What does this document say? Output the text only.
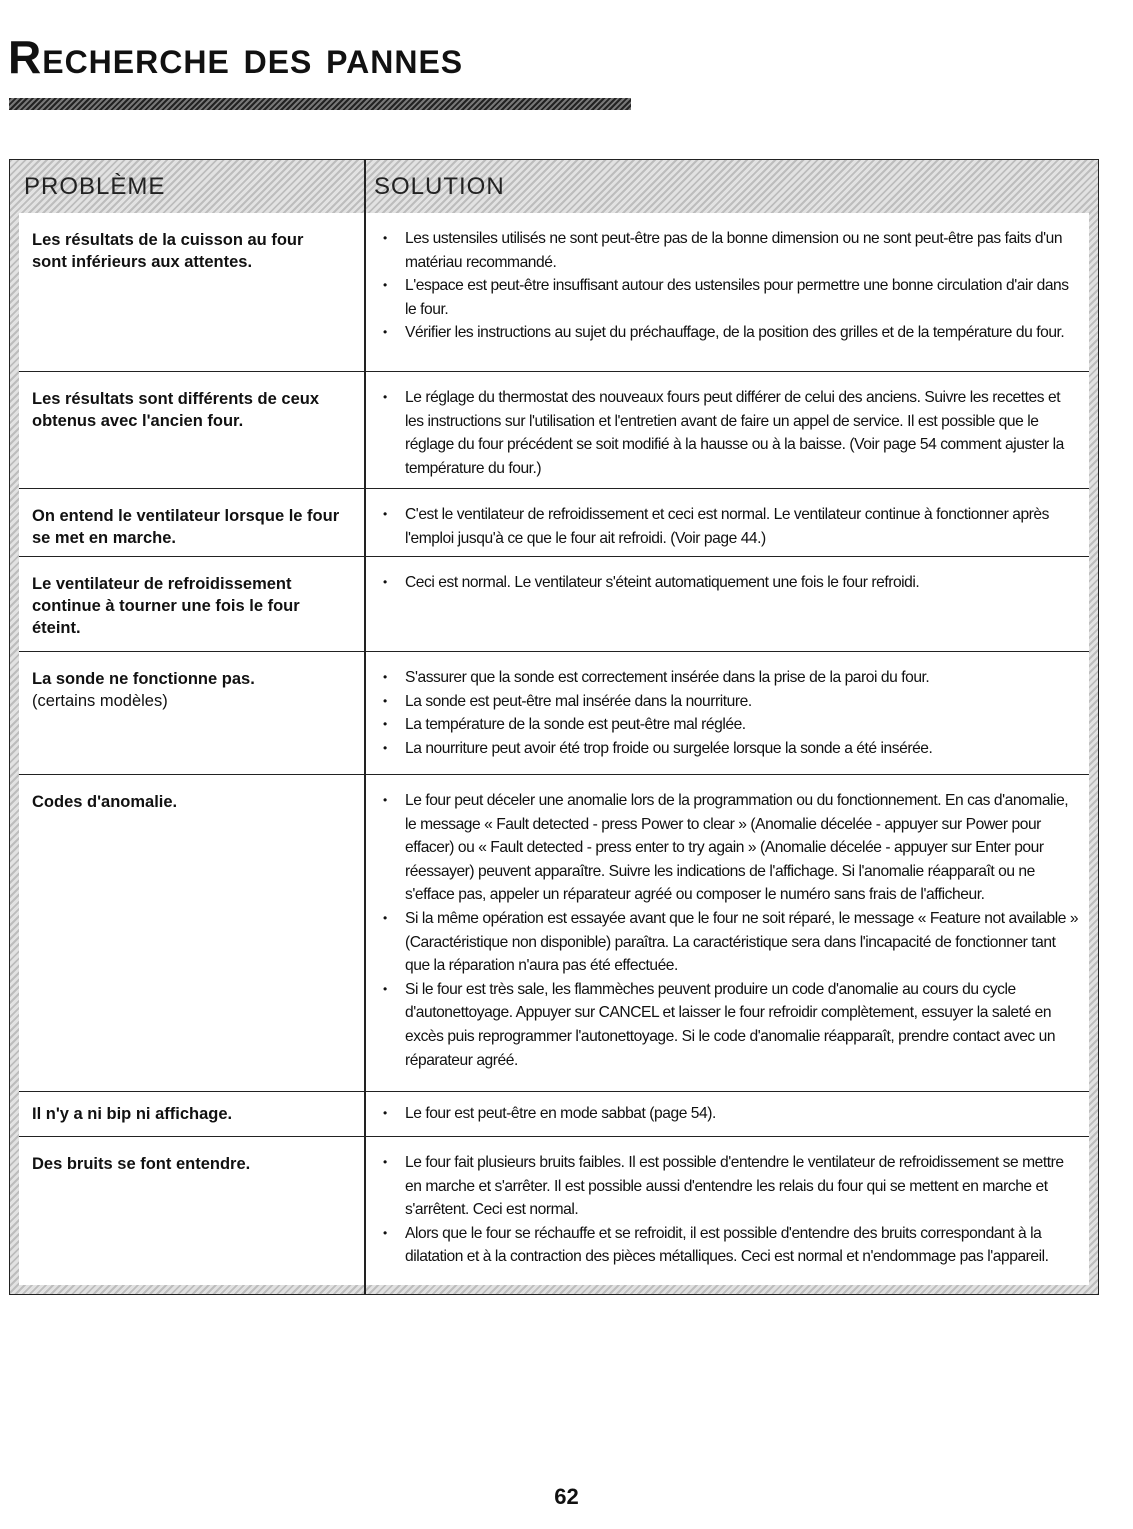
Recherche des pannes
PROBLÈME	SOLUTION
Les résultats de la cuisson au four sont inférieurs aux attentes.
• Les ustensiles utilisés ne sont peut-être pas de la bonne dimension ou ne sont peut-être pas faits d'un matériau recommandé.
• L'espace est peut-être insuffisant autour des ustensiles pour permettre une bonne circulation d'air dans le four.
• Vérifier les instructions au sujet du préchauffage, de la position des grilles et de la température du four.
Les résultats sont différents de ceux obtenus avec l'ancien four.
• Le réglage du thermostat des nouveaux fours peut différer de celui des anciens. Suivre les recettes et les instructions sur l'utilisation et l'entretien avant de faire un appel de service. Il est possible que le réglage du four précédent se soit modifié à la hausse ou à la baisse. (Voir page 54 comment ajuster la température du four.)
On entend le ventilateur lorsque le four se met en marche.
• C'est le ventilateur de refroidissement et ceci est normal. Le ventilateur continue à fonctionner après l'emploi jusqu'à ce que le four ait refroidi. (Voir page 44.)
Le ventilateur de refroidissement continue à tourner une fois le four éteint.
• Ceci est normal. Le ventilateur s'éteint automatiquement une fois le four refroidi.
La sonde ne fonctionne pas.
(certains modèles)
• S'assurer que la sonde est correctement insérée dans la prise de la paroi du four.
• La sonde est peut-être mal insérée dans la nourriture.
• La température de la sonde est peut-être mal réglée.
• La nourriture peut avoir été trop froide ou surgelée lorsque la sonde a été insérée.
Codes d'anomalie.	• Le four peut déceler une anomalie lors de la programmation ou du fonctionnement. En cas d'anomalie, le message « Fault detected - press Power to clear » (Anomalie décelée - appuyer sur Power pour effacer) ou « Fault detected - press enter to try again » (Anomalie décelée - appuyer sur Enter pour réessayer) peuvent apparaître. Suivre les indications de l'affichage. Si l'anomalie réapparaît ou ne s'efface pas, appeler un réparateur agréé ou composer le numéro sans frais de l'afficheur.
• Si la même opération est essayée avant que le four ne soit réparé, le message « Feature not available » (Caractéristique non disponible) paraîtra. La caractéristique sera dans l'incapacité de fonctionner tant que la réparation n'aura pas été effectuée.
• Si le four est très sale, les flammèches peuvent produire un code d'anomalie au cours du cycle d'autonettoyage. Appuyer sur CANCEL et laisser le four refroidir complètement, essuyer la saleté en excès puis reprogrammer l'autonettoyage. Si le code d'anomalie réapparaît, prendre contact avec un réparateur agréé.
Il n'y a ni bip ni affichage.	• Le four est peut-être en mode sabbat (page 54).
Des bruits se font entendre.	• Le four fait plusieurs bruits faibles. Il est possible d'entendre le ventilateur de refroidissement se mettre en marche et s'arrêter. Il est possible aussi d'entendre les relais du four qui se mettent en marche et s'arrêtent. Ceci est normal.
• Alors que le four se réchauffe et se refroidit, il est possible d'entendre des bruits correspondant à la dilatation et à la contraction des pièces métalliques. Ceci est normal et n'endommage pas l'appareil.
62
